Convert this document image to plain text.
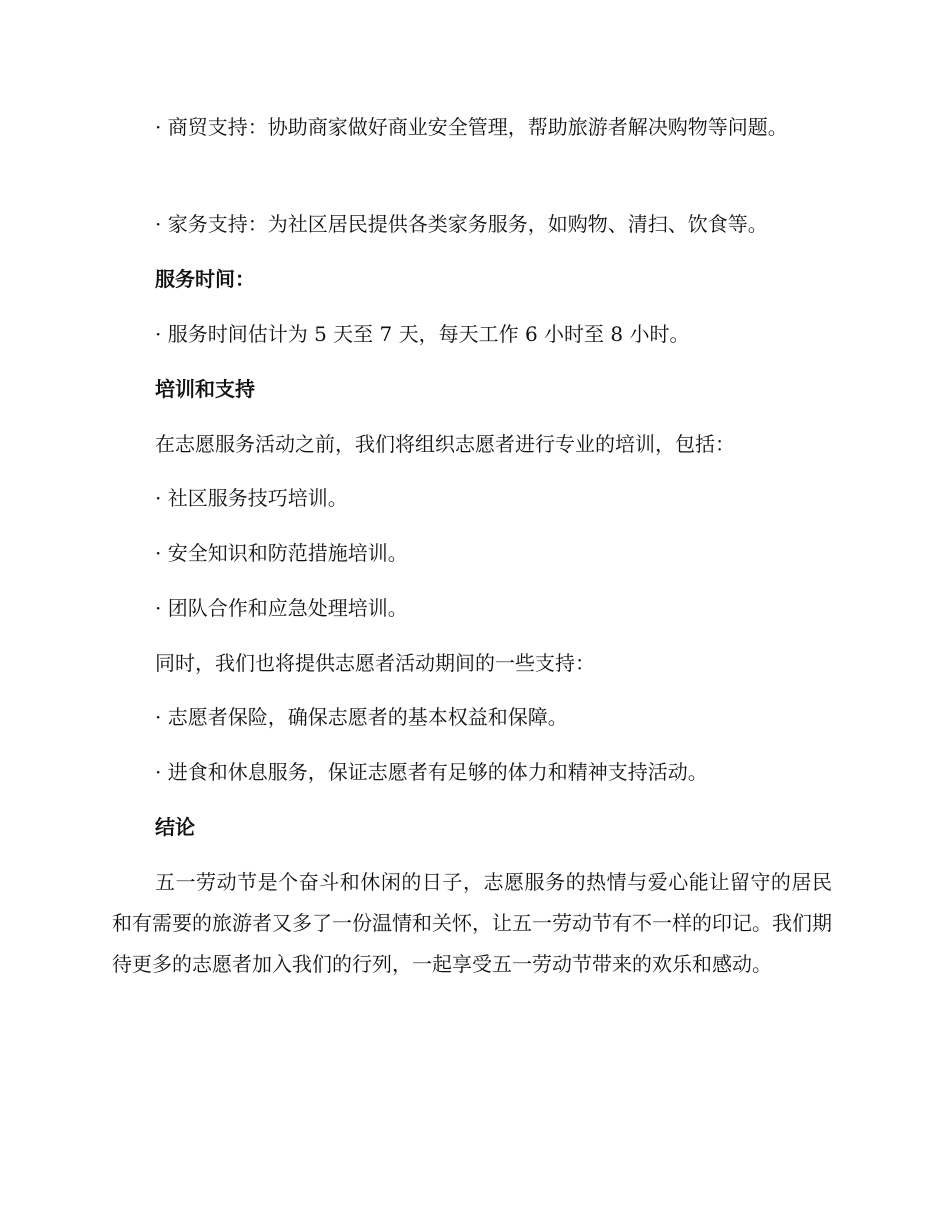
· 商贸支持：协助商家做好商业安全管理，帮助旅游者解决购物等问题。
· 家务支持：为社区居民提供各类家务服务，如购物、清扫、饮食等。
服务时间：
· 服务时间估计为 5 天至 7 天，每天工作 6 小时至 8 小时。
培训和支持
在志愿服务活动之前，我们将组织志愿者进行专业的培训，包括：
· 社区服务技巧培训。
· 安全知识和防范措施培训。
· 团队合作和应急处理培训。
同时，我们也将提供志愿者活动期间的一些支持：
· 志愿者保险，确保志愿者的基本权益和保障。
· 进食和休息服务，保证志愿者有足够的体力和精神支持活动。
结论
五一劳动节是个奋斗和休闲的日子，志愿服务的热情与爱心能让留守的居民和有需要的旅游者又多了一份温情和关怀，让五一劳动节有不一样的印记。我们期待更多的志愿者加入我们的行列，一起享受五一劳动节带来的欢乐和感动。
